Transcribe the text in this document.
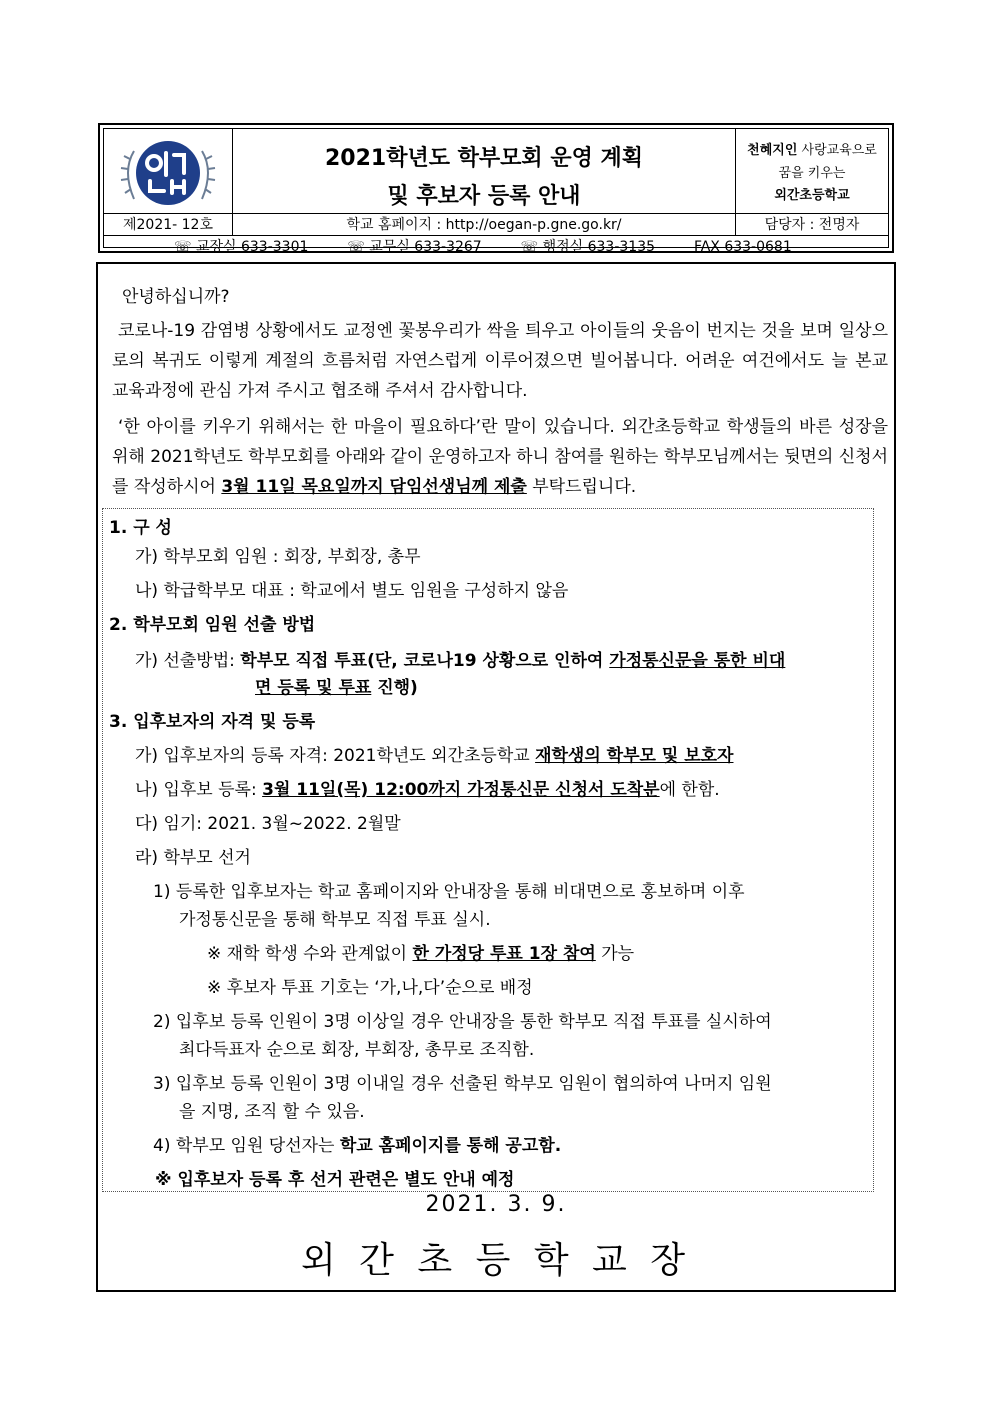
2021학년도 학부모회 운영 계획
및 후보자 등록 안내
천혜지인 사랑교육으로
꿈을 키우는
외간초등학교
제2021- 12호	학교 홈페이지 : http://oegan-p.gne.go.kr/	담당자 : 전명자
☏ 교장실 633-3301	☏ 교무실 633-3267	☏ 행정실 633-3135	FAX 633-0681
안녕하십니까?
코로나-19 감염병 상황에서도 교정엔 꽃봉우리가 싹을 틔우고 아이들의 웃음이 번지는 것을 보며 일상으로의 복귀도 이렇게 계절의 흐름처럼 자연스럽게 이루어졌으면 빌어봅니다. 어려운 여건에서도 늘 본교 교육과정에 관심 가져 주시고 협조해 주셔서 감사합니다.
‘한 아이를 키우기 위해서는 한 마을이 필요하다’란 말이 있습니다. 외간초등학교 학생들의 바른 성장을 위해 2021학년도 학부모회를 아래와 같이 운영하고자 하니 참여를 원하는 학부모님께서는 뒷면의 신청서를 작성하시어 3월 11일 목요일까지 담임선생님께 제출 부탁드립니다.
1. 구 성
가) 학부모회 임원 : 회장, 부회장, 총무
나) 학급학부모 대표 : 학교에서 별도 임원을 구성하지 않음
2. 학부모회 임원 선출 방법
가) 선출방법: 학부모 직접 투표(단, 코로나19 상황으로 인하여 가정통신문을 통한 비대
면 등록 및 투표 진행)
3. 입후보자의 자격 및 등록
가) 입후보자의 등록 자격: 2021학년도 외간초등학교 재학생의 학부모 및 보호자
나) 입후보 등록: 3월 11일(목) 12:00까지 가정통신문 신청서 도착분에 한함.
다) 임기: 2021. 3월~2022. 2월말
라) 학부모 선거
1) 등록한 입후보자는 학교 홈페이지와 안내장을 통해 비대면으로 홍보하며 이후
가정통신문을 통해 학부모 직접 투표 실시.
※ 재학 학생 수와 관계없이 한 가정당 투표 1장 참여 가능
※ 후보자 투표 기호는 ‘가,나,다’순으로 배정
2) 입후보 등록 인원이 3명 이상일 경우 안내장을 통한 학부모 직접 투표를 실시하여
최다득표자 순으로 회장, 부회장, 총무로 조직함.
3) 입후보 등록 인원이 3명 이내일 경우 선출된 학부모 임원이 협의하여 나머지 임원
을 지명, 조직 할 수 있음.
4) 학부모 임원 당선자는 학교 홈페이지를 통해 공고함.
※ 입후보자 등록 후 선거 관련은 별도 안내 예정
2021. 3. 9.
외 간 초 등 학 교 장
